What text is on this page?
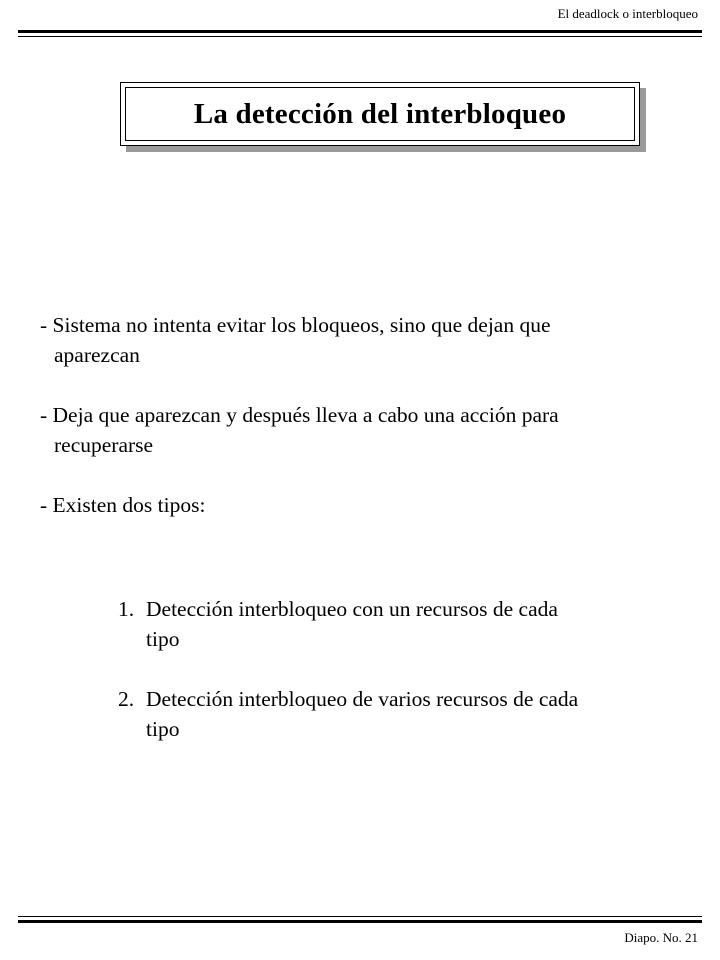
El deadlock o interbloqueo
La detección del interbloqueo

- Sistema no intenta evitar los bloqueos, sino que dejan que
aparezcan

- Deja que aparezcan y después lleva a cabo una acción para
recuperarse

- Existen dos tipos:

1. Detección interbloqueo con un recursos de cada
tipo
2. Detección interbloqueo de varios recursos de cada
tipo
Diapo. No. 21
